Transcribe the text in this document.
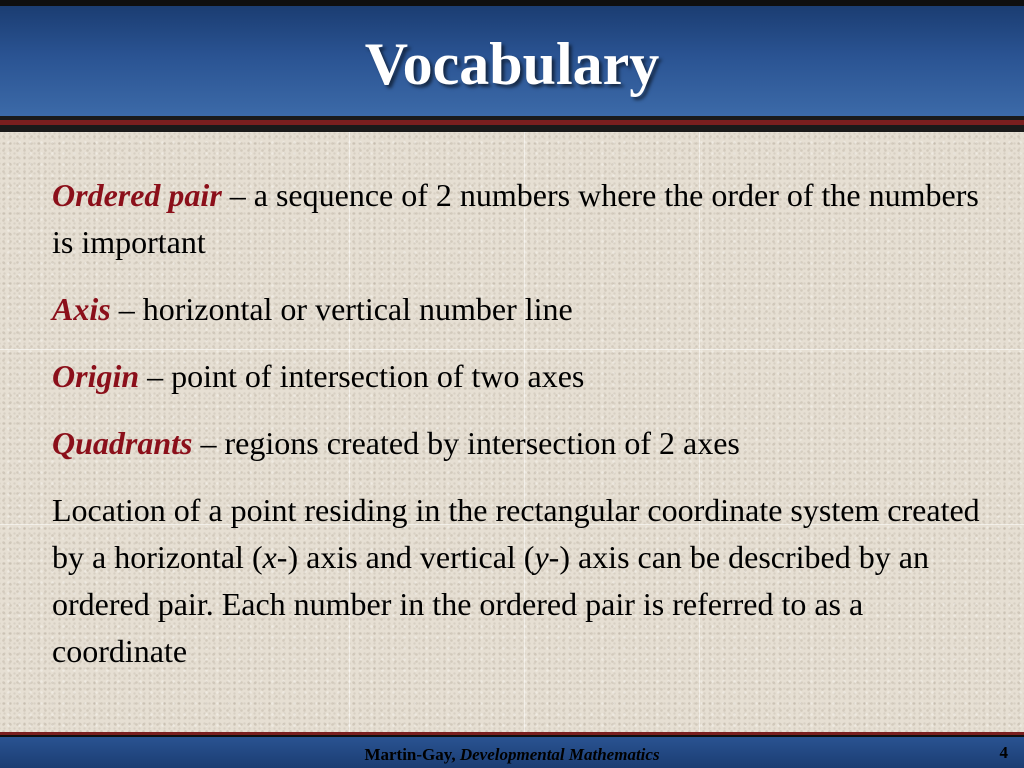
Vocabulary

Ordered pair – a sequence of 2 numbers where the order of the numbers is important

Axis – horizontal or vertical number line

Origin – point of intersection of two axes

Quadrants – regions created by intersection of 2 axes

Location of a point residing in the rectangular coordinate system created by a horizontal (x-) axis and vertical (y-) axis can be described by an ordered pair. Each number in the ordered pair is referred to as a coordinate

Martin-Gay, Developmental Mathematics	4
